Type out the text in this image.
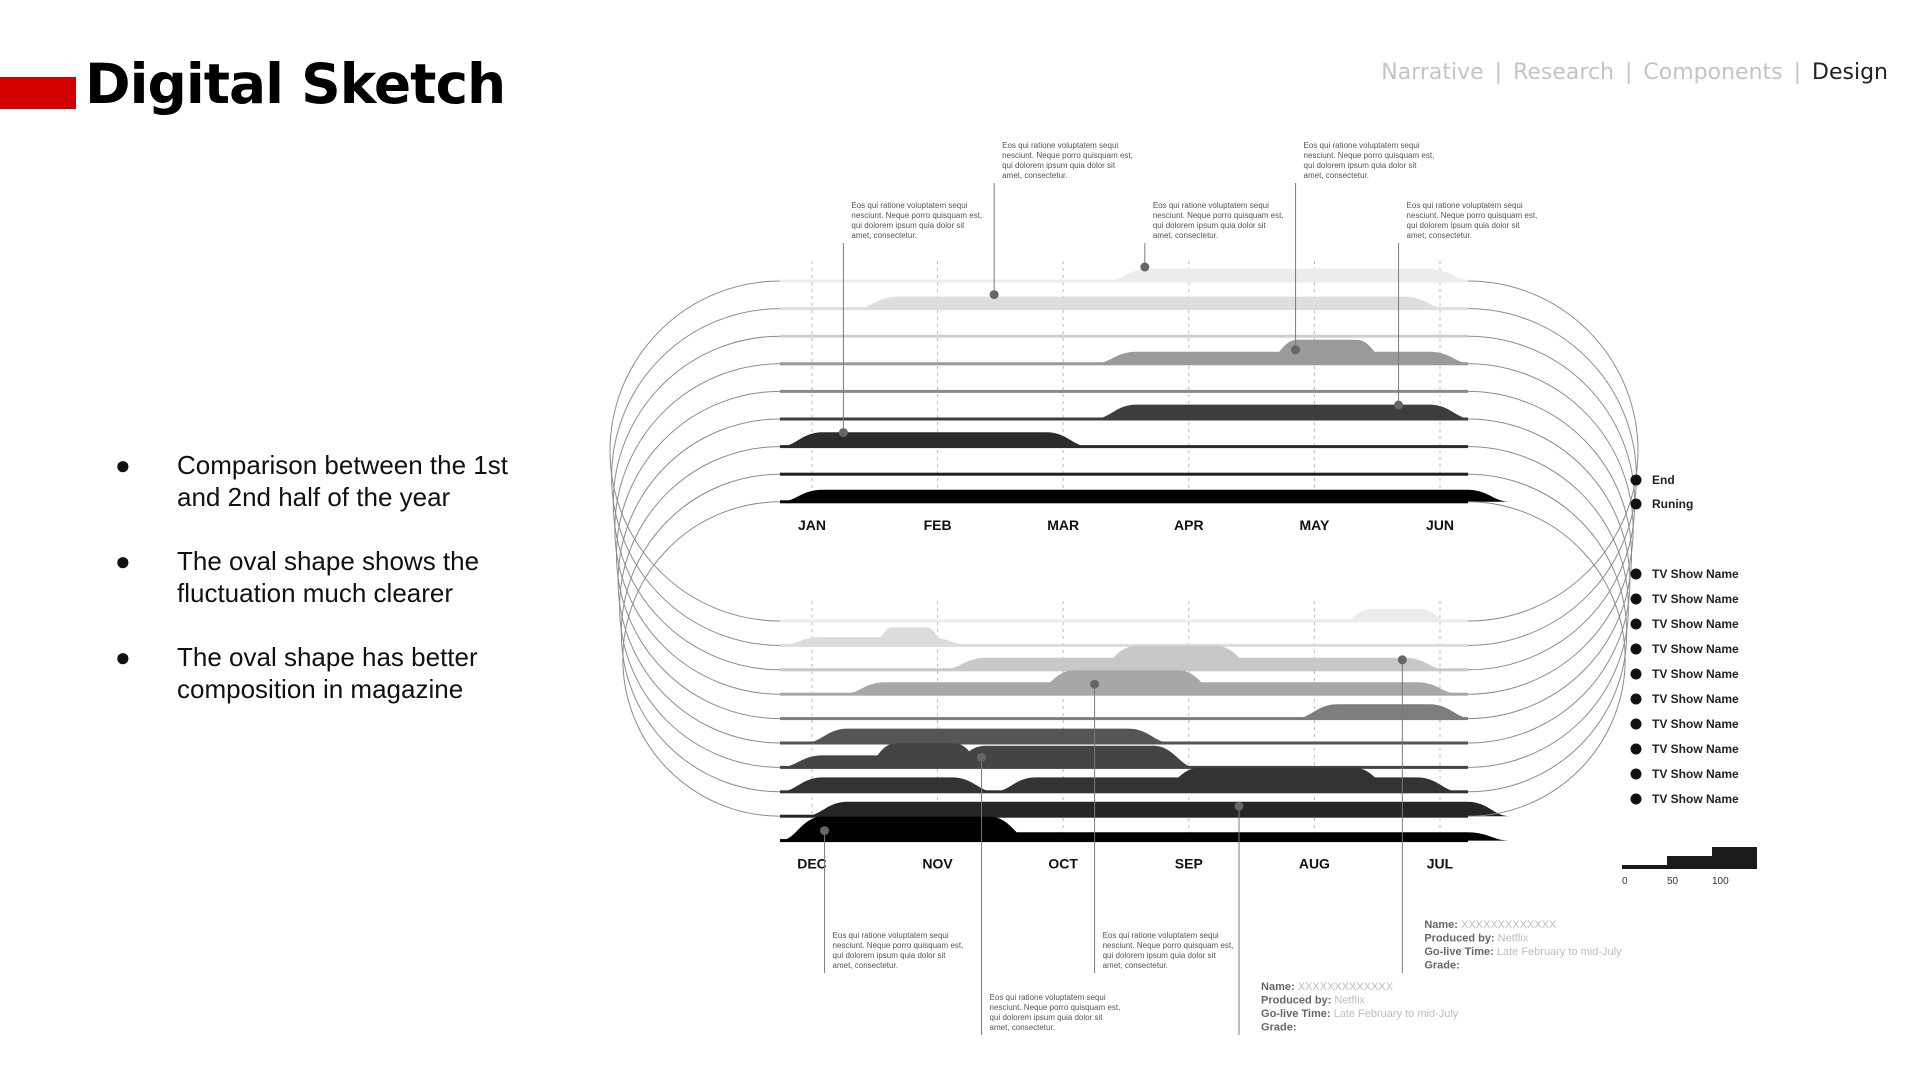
Digital Sketch	Narrative | Research | Components | Design
● Comparison between the 1st and 2nd half of the year
● The oval shape shows the fluctuation much clearer
● The oval shape has better composition in magazine
JAN	FEB	MAR	APR	MAY	JUN
DEC	NOV	OCT	SEP	AUG	JUL
Eos qui ratione voluptatem sequi nesciunt. Neque porro quisquam est, qui dolorem ipsum quia dolor sit amet, consectetur.
Eos qui ratione voluptatem sequi nesciunt. Neque porro quisquam est, qui dolorem ipsum quia dolor sit amet, consectetur.
Eos qui ratione voluptatem sequi nesciunt. Neque porro quisquam est, qui dolorem ipsum quia dolor sit amet, consectetur.
Eos qui ratione voluptatem sequi nesciunt. Neque porro quisquam est, qui dolorem ipsum quia dolor sit amet, consectetur.
Eos qui ratione voluptatem sequi nesciunt. Neque porro quisquam est, qui dolorem ipsum quia dolor sit amet, consectetur.
Eos qui ratione voluptatem sequi nesciunt. Neque porro quisquam est, qui dolorem ipsum quia dolor sit amet, consectetur.
Eos qui ratione voluptatem sequi nesciunt. Neque porro quisquam est, qui dolorem ipsum quia dolor sit amet, consectetur.
Eos qui ratione voluptatem sequi nesciunt. Neque porro quisquam est, qui dolorem ipsum quia dolor sit amet, consectetur.
Name: XXXXXXXXXXXXX
Produced by: Netflix
Go-live Time: Late February to mid-July
Grade:
Name: XXXXXXXXXXXXX
Produced by: Netflix
Go-live Time: Late February to mid-July
Grade:
End
Runing
TV Show Name
TV Show Name
TV Show Name
TV Show Name
TV Show Name
TV Show Name
TV Show Name
TV Show Name
TV Show Name
TV Show Name
0	50	100
